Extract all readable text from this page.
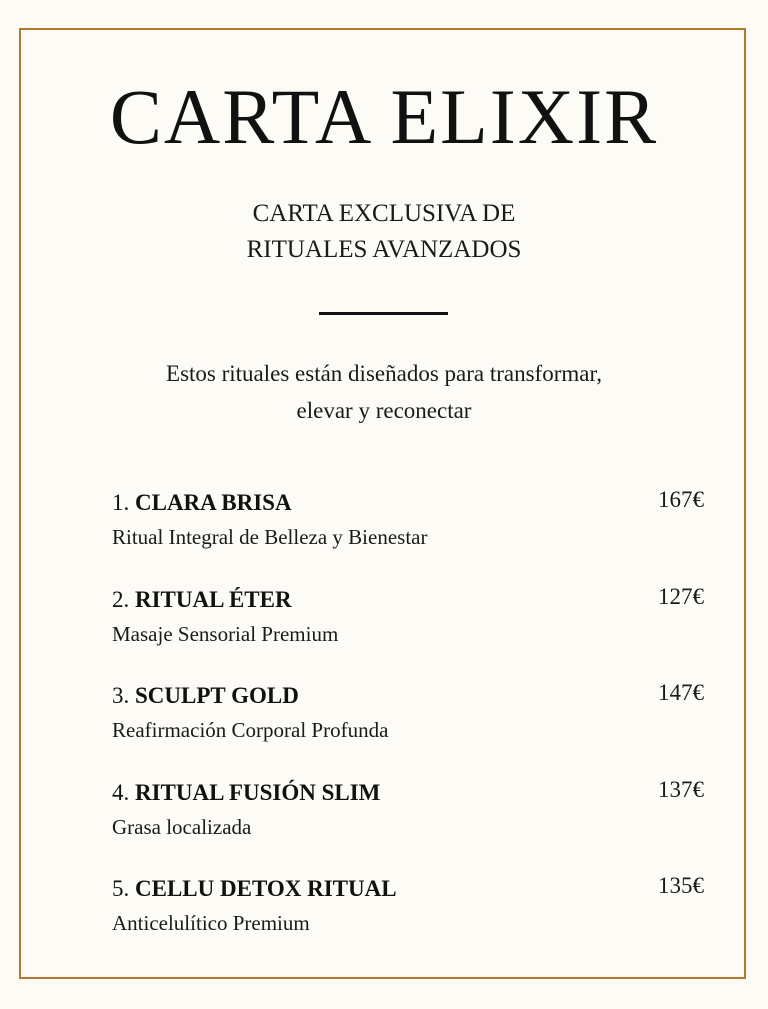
CARTA ELIXIR
CARTA EXCLUSIVA DE
RITUALES AVANZADOS
Estos rituales están diseñados para transformar,
elevar y reconectar
1. CLARA BRISA
Ritual Integral de Belleza y Bienestar
167€
2. RITUAL ÉTER
Masaje Sensorial Premium
127€
3. SCULPT GOLD
Reafirmación Corporal Profunda
147€
4. RITUAL FUSIÓN SLIM
Grasa localizada
137€
5. CELLU DETOX RITUAL
Anticelulítico Premium
135€
